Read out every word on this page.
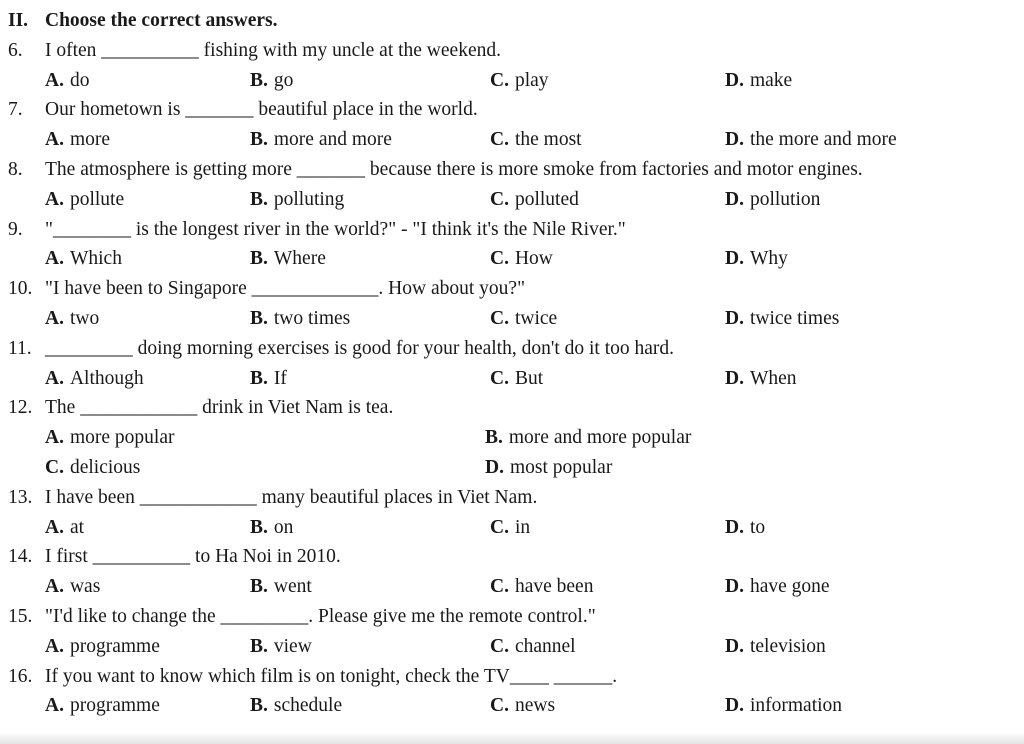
II. Choose the correct answers.
6.	I often __________ fishing with my uncle at the weekend.
A. do	B. go	C. play	D. make
7.	Our hometown is _______ beautiful place in the world.
A. more	B. more and more	C. the most	D. the more and more
8.	The atmosphere is getting more _______ because there is more smoke from factories and motor engines.
A. pollute	B. polluting	C. polluted	D. pollution
9.	"________ is the longest river in the world?" - "I think it's the Nile River."
A. Which	B. Where	C. How	D. Why
10. "I have been to Singapore _____________. How about you?"
A. two	B. two times	C. twice	D. twice times
11. _________ doing morning exercises is good for your health, don't do it too hard.
A. Although	B. If	C. But	D. When
12. The ____________ drink in Viet Nam is tea.
A. more popular	B. more and more popular
C. delicious	D. most popular
13. I have been ____________ many beautiful places in Viet Nam.
A. at	B. on	C. in	D. to
14. I first __________ to Ha Noi in 2010.
A. was	B. went	C. have been	D. have gone
15. "I'd like to change the _________. Please give me the remote control."
A. programme	B. view	C. channel	D. television
16. If you want to know which film is on tonight, check the TV____ ______.
A. programme	B. schedule	C. news	D. information
